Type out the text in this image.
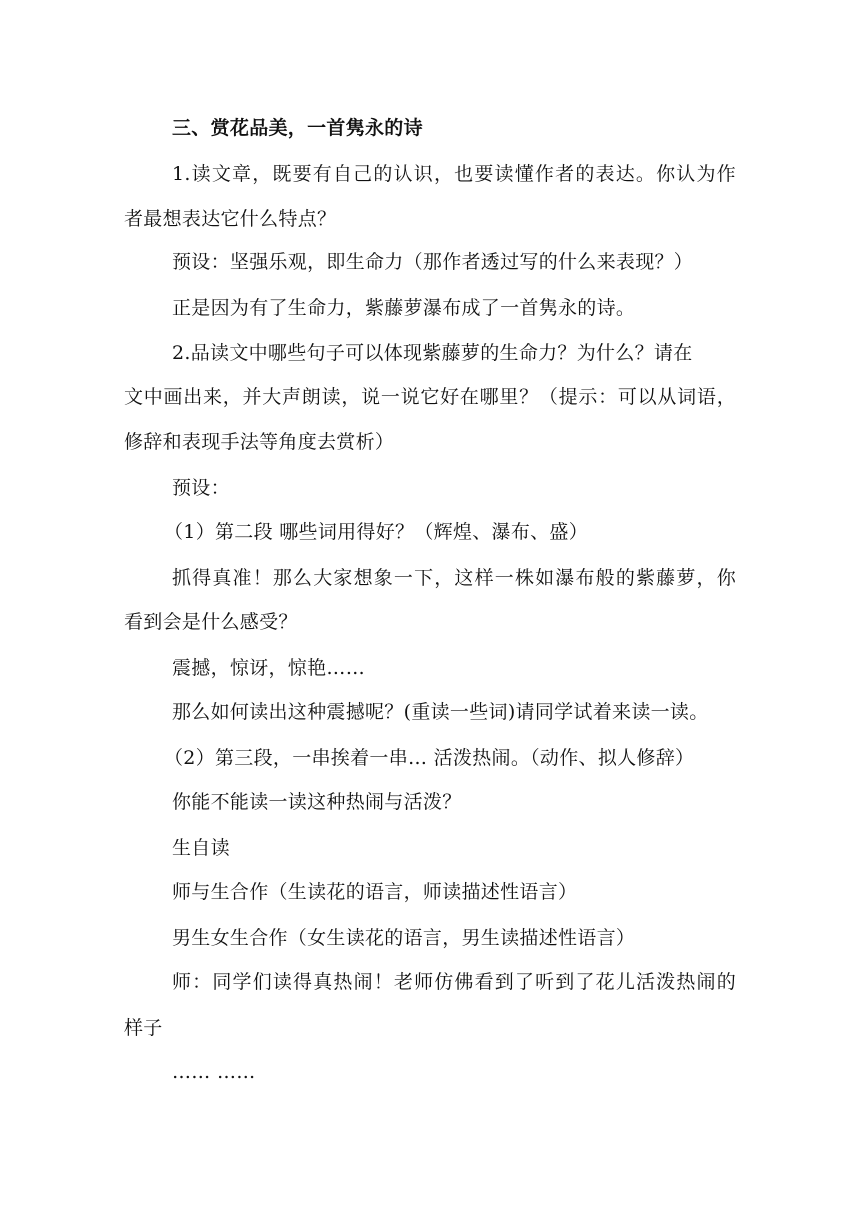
三、赏花品美，一首隽永的诗
1.读文章，既要有自己的认识，也要读懂作者的表达。你认为作
者最想表达它什么特点？
预设：坚强乐观，即生命力（那作者透过写的什么来表现？）
正是因为有了生命力，紫藤萝瀑布成了一首隽永的诗。
2.品读文中哪些句子可以体现紫藤萝的生命力？为什么？请在
文中画出来，并大声朗读，说一说它好在哪里？（提示：可以从词语，
修辞和表现手法等角度去赏析）
预设：
（1）第二段 哪些词用得好？（辉煌、瀑布、盛）
抓得真准！那么大家想象一下，这样一株如瀑布般的紫藤萝，你
看到会是什么感受？
震撼，惊讶，惊艳……
那么如何读出这种震撼呢？(重读一些词)请同学试着来读一读。
（2）第三段，一串挨着一串… 活泼热闹。（动作、拟人修辞）
你能不能读一读这种热闹与活泼？
生自读
师与生合作（生读花的语言，师读描述性语言）
男生女生合作（女生读花的语言，男生读描述性语言）
师：同学们读得真热闹！老师仿佛看到了听到了花儿活泼热闹的
样子
…… ……
